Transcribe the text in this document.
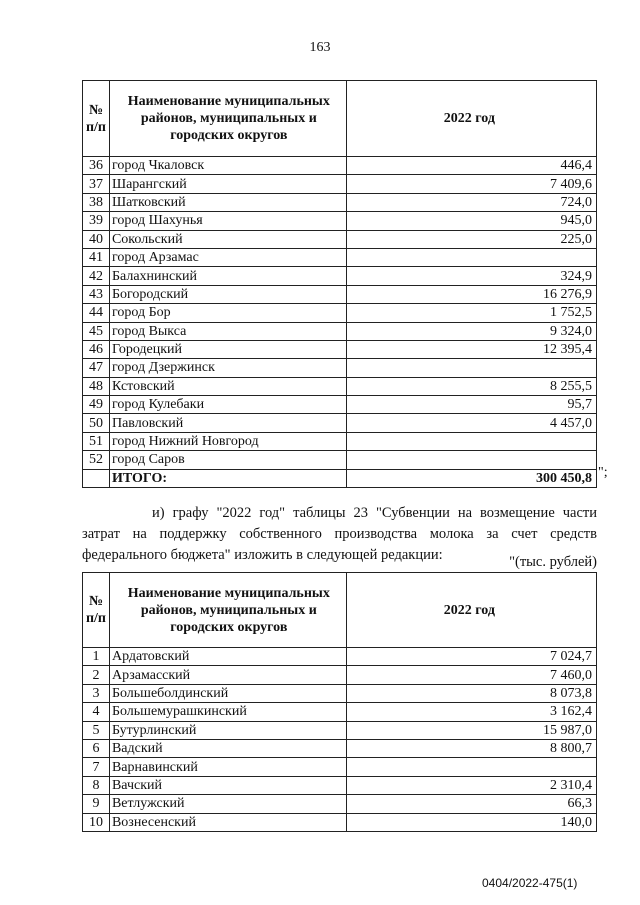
163
№ п/п	Наименование муниципальных районов, муниципальных и городских округов	2022 год
36	город Чкаловск	446,4
37	Шарангский	7 409,6
38	Шатковский	724,0
39	город Шахунья	945,0
40	Сокольский	225,0
41	город Арзамас	
42	Балахнинский	324,9
43	Богородский	16 276,9
44	город Бор	1 752,5
45	город Выкса	9 324,0
46	Городецкий	12 395,4
47	город Дзержинск	
48	Кстовский	8 255,5
49	город Кулебаки	95,7
50	Павловский	4 457,0
51	город Нижний Новгород	
52	город Саров	
	ИТОГО:	300 450,8 ";

и) графу "2022 год" таблицы 23 "Субвенции на возмещение части затрат на поддержку собственного производства молока за счет средств федерального бюджета" изложить в следующей редакции:	"(тыс. рублей)
№ п/п	Наименование муниципальных районов, муниципальных и городских округов	2022 год
1	Ардатовский	7 024,7
2	Арзамасский	7 460,0
3	Большеболдинский	8 073,8
4	Большемурашкинский	3 162,4
5	Бутурлинский	15 987,0
6	Вадский	8 800,7
7	Варнавинский	
8	Вачский	2 310,4
9	Ветлужский	66,3
10	Вознесенский	140,0
0404/2022-475(1)
